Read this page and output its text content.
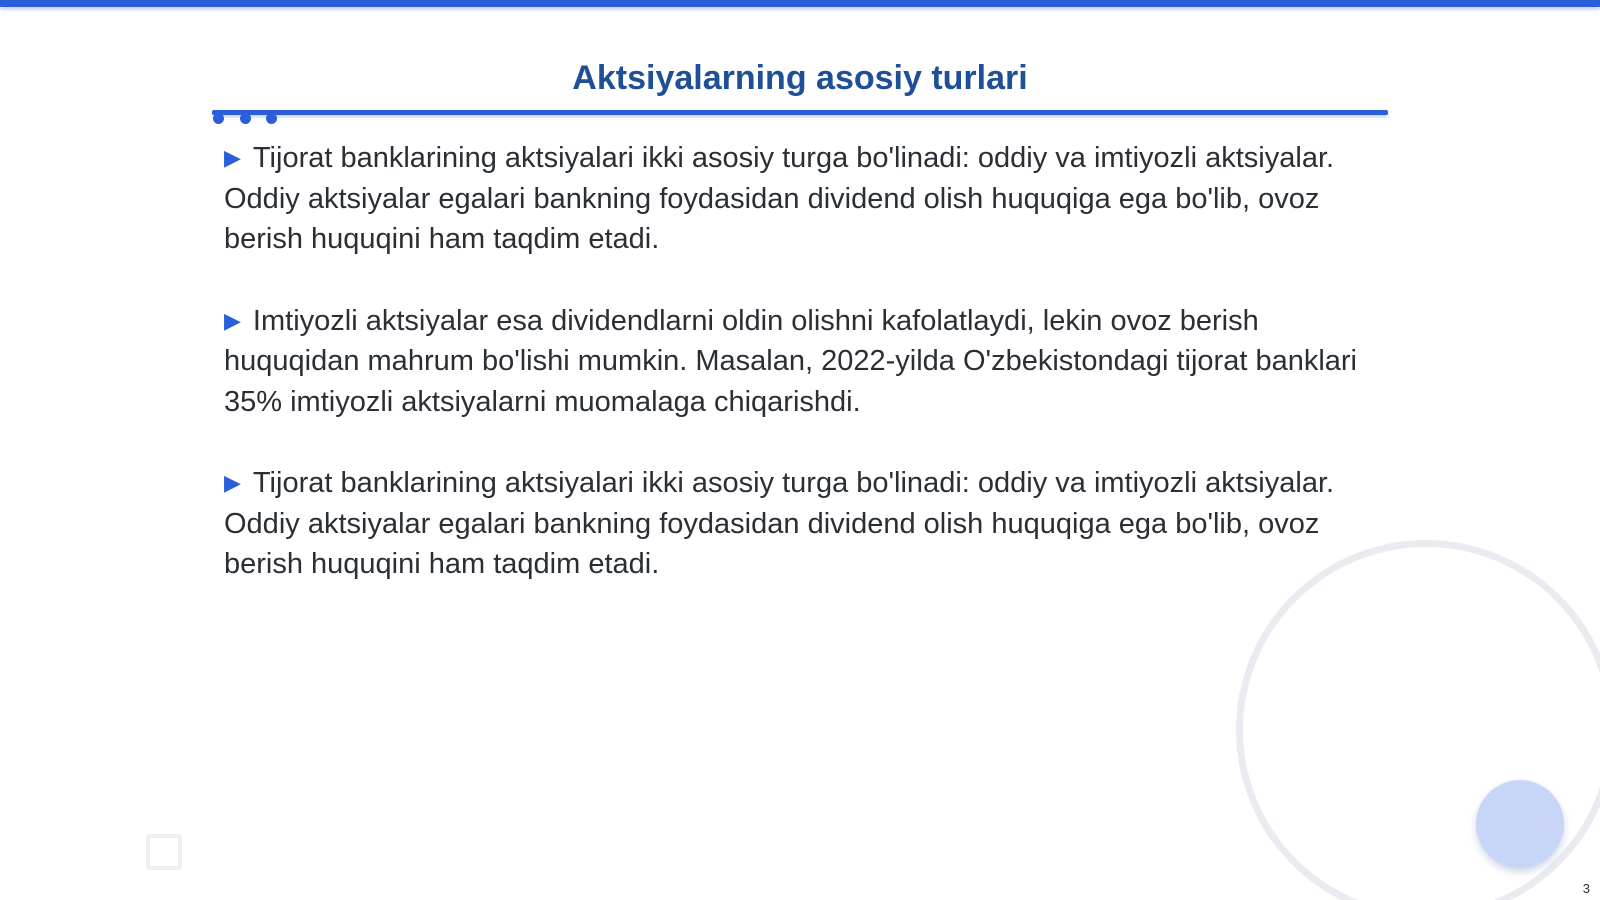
Aktsiyalarning asosiy turlari

▶ Tijorat banklarining aktsiyalari ikki asosiy turga bo'linadi: oddiy va imtiyozli aktsiyalar. Oddiy aktsiyalar egalari bankning foydasidan dividend olish huquqiga ega bo'lib, ovoz berish huquqini ham taqdim etadi.

▶ Imtiyozli aktsiyalar esa dividendlarni oldin olishni kafolatlaydi, lekin ovoz berish huquqidan mahrum bo'lishi mumkin. Masalan, 2022-yilda O'zbekistondagi tijorat banklari 35% imtiyozli aktsiyalarni muomalaga chiqarishdi.

▶ Tijorat banklarining aktsiyalari ikki asosiy turga bo'linadi: oddiy va imtiyozli aktsiyalar. Oddiy aktsiyalar egalari bankning foydasidan dividend olish huquqiga ega bo'lib, ovoz berish huquqini ham taqdim etadi.

3
